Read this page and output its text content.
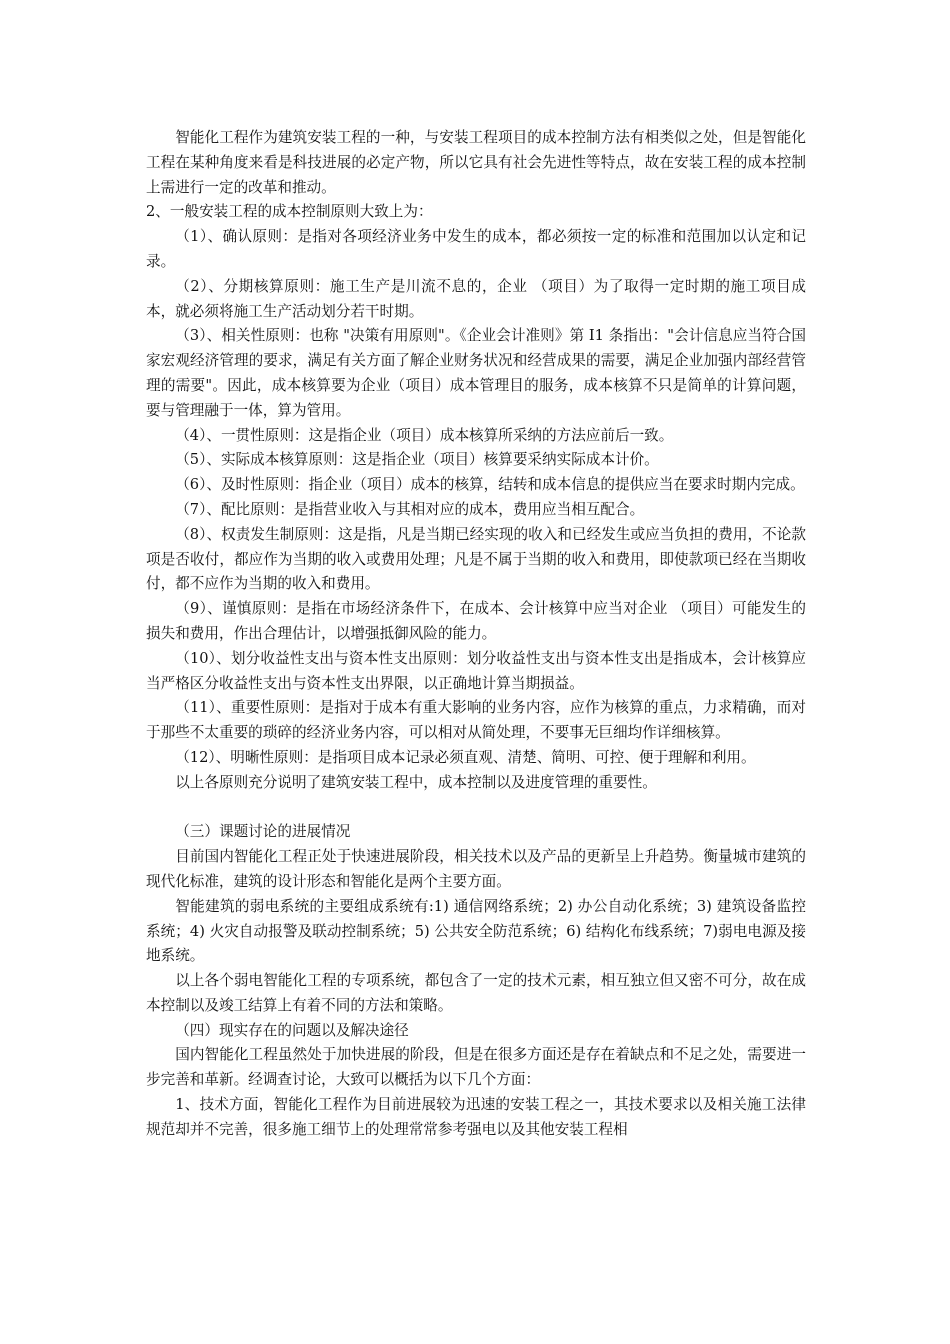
智能化工程作为建筑安装工程的一种，与安装工程项目的成本控制方法有相类似之处，但是智能化工程在某种角度来看是科技进展的必定产物，所以它具有社会先进性等特点，故在安装工程的成本控制上需进行一定的改革和推动。

2、一般安装工程的成本控制原则大致上为：

（1）、确认原则：是指对各项经济业务中发生的成本，都必须按一定的标准和范围加以认定和记录。

（2）、分期核算原则：施工生产是川流不息的，企业 （项目）为了取得一定时期的施工项目成本，就必须将施工生产活动划分若干时期。

（3）、相关性原则：也称 "决策有用原则"。《企业会计准则》第 I1 条指出："会计信息应当符合国家宏观经济管理的要求，满足有关方面了解企业财务状况和经营成果的需要，满足企业加强内部经营管理的需要"。因此，成本核算要为企业（项目）成本管理目的服务，成本核算不只是简单的计算问题，要与管理融于一体，算为管用。

（4）、一贯性原则：这是指企业（项目）成本核算所采纳的方法应前后一致。

（5）、实际成本核算原则：这是指企业（项目）核算要采纳实际成本计价。

（6）、及时性原则：指企业（项目）成本的核算，结转和成本信息的提供应当在要求时期内完成。

（7）、配比原则：是指营业收入与其相对应的成本，费用应当相互配合。

（8）、权责发生制原则：这是指，凡是当期已经实现的收入和已经发生或应当负担的费用，不论款项是否收付，都应作为当期的收入或费用处理；凡是不属于当期的收入和费用，即使款项已经在当期收付，都不应作为当期的收入和费用。

（9）、谨慎原则：是指在市场经济条件下，在成本、会计核算中应当对企业 （项目）可能发生的损失和费用，作出合理估计，以增强抵御风险的能力。

（10）、划分收益性支出与资本性支出原则：划分收益性支出与资本性支出是指成本，会计核算应当严格区分收益性支出与资本性支出界限，以正确地计算当期损益。

（11）、重要性原则：是指对于成本有重大影响的业务内容，应作为核算的重点，力求精确，而对于那些不太重要的琐碎的经济业务内容，可以相对从简处理，不要事无巨细均作详细核算。

（12）、明晰性原则：是指项目成本记录必须直观、清楚、简明、可控、便于理解和利用。

以上各原则充分说明了建筑安装工程中，成本控制以及进度管理的重要性。

（三）课题讨论的进展情况

目前国内智能化工程正处于快速进展阶段，相关技术以及产品的更新呈上升趋势。衡量城市建筑的现代化标准，建筑的设计形态和智能化是两个主要方面。

智能建筑的弱电系统的主要组成系统有:1) 通信网络系统；2) 办公自动化系统；3) 建筑设备监控系统；4) 火灾自动报警及联动控制系统；5) 公共安全防范系统；6) 结构化布线系统；7)弱电电源及接地系统。

以上各个弱电智能化工程的专项系统，都包含了一定的技术元素，相互独立但又密不可分，故在成本控制以及竣工结算上有着不同的方法和策略。

（四）现实存在的问题以及解决途径

国内智能化工程虽然处于加快进展的阶段，但是在很多方面还是存在着缺点和不足之处，需要进一步完善和革新。经调查讨论，大致可以概括为以下几个方面：

1、技术方面，智能化工程作为目前进展较为迅速的安装工程之一，其技术要求以及相关施工法律规范却并不完善，很多施工细节上的处理常常参考强电以及其他安装工程相
